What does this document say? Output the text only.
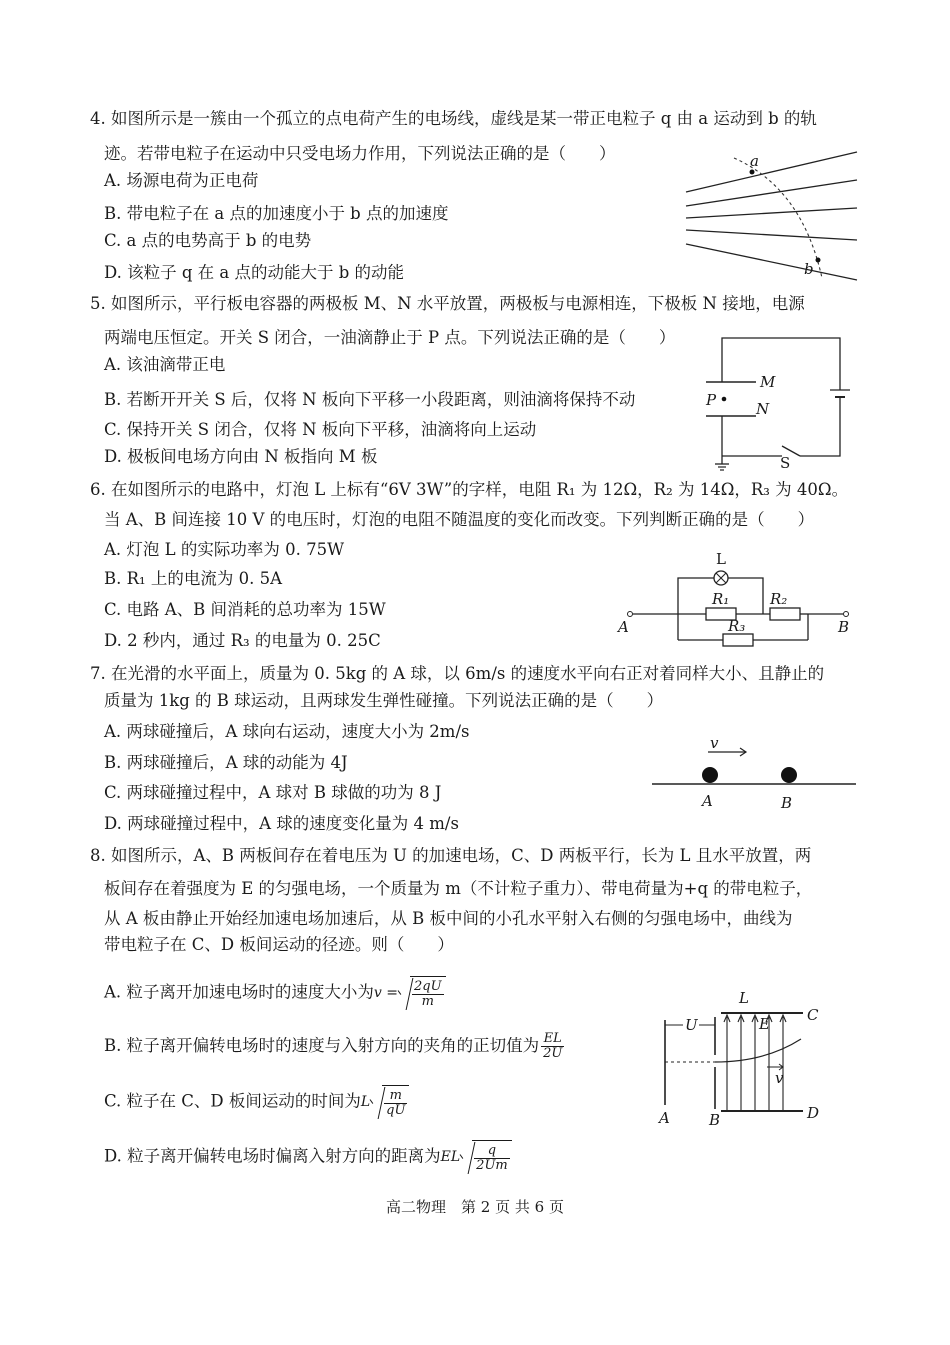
4. 如图所示是一簇由一个孤立的点电荷产生的电场线，虚线是某一带正电粒子 q 由 a 运动到 b 的轨
迹。若带电粒子在运动中只受电场力作用，下列说法正确的是（　　）
A. 场源电荷为正电荷
B. 带电粒子在 a 点的加速度小于 b 点的加速度
C. a 点的电势高于 b 的电势
D. 该粒子 q 在 a 点的动能大于 b 的动能
a
b
5. 如图所示，平行板电容器的两极板 M、N 水平放置，两极板与电源相连，下极板 N 接地，电源
两端电压恒定。开关 S 闭合，一油滴静止于 P 点。下列说法正确的是（　　）
A. 该油滴带正电
B. 若断开开关 S 后，仅将 N 板向下平移一小段距离，则油滴将保持不动
C. 保持开关 S 闭合，仅将 N 板向下平移，油滴将向上运动
D. 极板间电场方向由 N 板指向 M 板
M
N
P
S
6. 在如图所示的电路中，灯泡 L 上标有“6V 3W”的字样，电阻 R₁ 为 12Ω，R₂ 为 14Ω，R₃ 为 40Ω。
当 A、B 间连接 10 V 的电压时，灯泡的电阻不随温度的变化而改变。下列判断正确的是（　　）
A. 灯泡 L 的实际功率为 0. 75W
B. R₁ 上的电流为 0. 5A
C. 电路 A、B 间消耗的总功率为 15W
D. 2 秒内，通过 R₃ 的电量为 0. 25C
L
R₁	R₂
R₃
A	B
7. 在光滑的水平面上，质量为 0. 5kg 的 A 球，以 6m/s 的速度水平向右正对着同样大小、且静止的
质量为 1kg 的 B 球运动，且两球发生弹性碰撞。下列说法正确的是（　　）
A. 两球碰撞后，A 球向右运动，速度大小为 2m/s
B. 两球碰撞后，A 球的动能为 4J
C. 两球碰撞过程中，A 球对 B 球做的功为 8 J
D. 两球碰撞过程中，A 球的速度变化量为 4 m/s
v
A	B
8. 如图所示，A、B 两板间存在着电压为 U 的加速电场，C、D 两板平行，长为 L 且水平放置，两
板间存在着强度为 E 的匀强电场，一个质量为 m（不计粒子重力）、带电荷量为+q 的带电粒子，
从 A 板由静止开始经加速电场加速后，从 B 板中间的小孔水平射入右侧的匀强电场中，曲线为
带电粒子在 C、D 板间运动的径迹。则（　　）
A. 粒子离开加速电场时的速度大小为$v = \frac{2qU}{m}$
B. 粒子离开偏转电场时的速度与入射方向的夹角的正切值为 $\frac{EL}{2U}$
C. 粒子在 C、D 板间运动的时间为L $\frac{m}{qU}$
D. 粒子离开偏转电场时偏离入射方向的距离为EL $\frac{q}{2Um}$
U
L
E C
D
A	B
v
高二物理　第 2 页 共 6 页
